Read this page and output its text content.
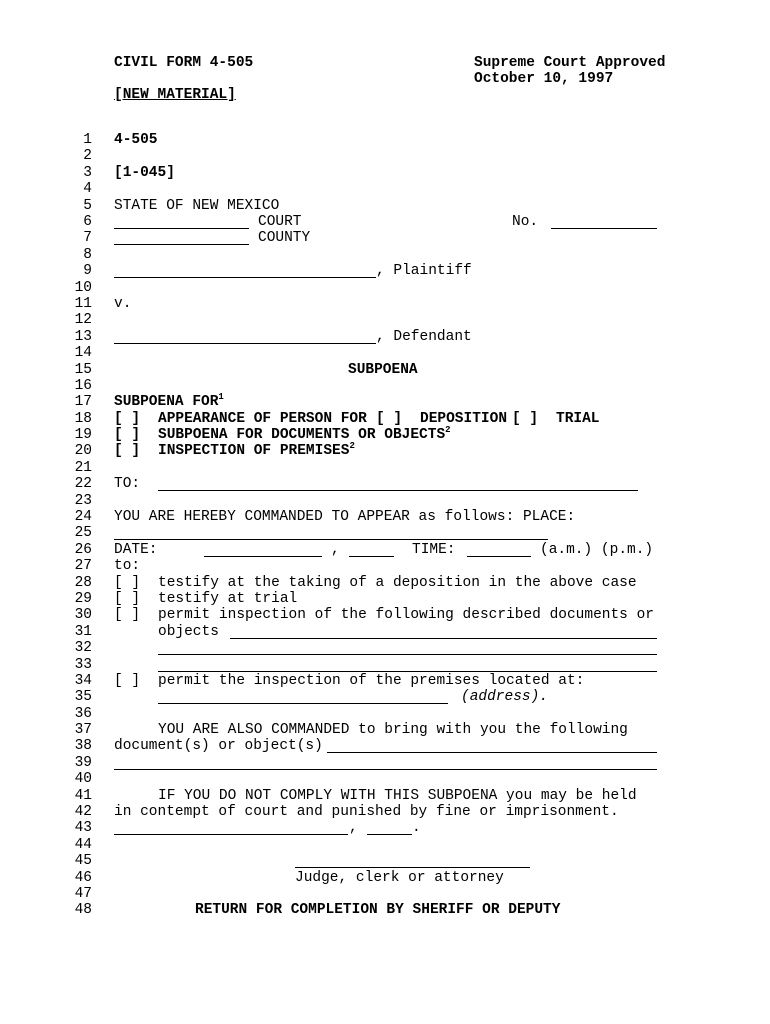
CIVIL FORM 4-505
[NEW MATERIAL]
Supreme Court Approved
October 10, 1997
1 4-505
2
3 [1-045]
4
5 STATE OF NEW MEXICO
6	COURT	No.
7	COUNTY
8
9	, Plaintiff
10
11 v.
12
13	, Defendant
14
15	SUBPOENA
16
17 SUBPOENA FOR$^1$
18 [ ] APPEARANCE OF PERSON FOR [ ] DEPOSITION [ ] TRIAL
19 [ ] SUBPOENA FOR DOCUMENTS OR OBJECTS$^2$
20 [ ] INSPECTION OF PREMISES$^2$
21
22 TO:
23
24 YOU ARE HEREBY COMMANDED TO APPEAR as follows: PLACE:
25
26 DATE:	,	TIME:	(a.m.) (p.m.)
27 to:
28 [ ] testify at the taking of a deposition in the above case
29 [ ] testify at trial
30 [ ] permit inspection of the following described documents or
31	objects
32
33
34 [ ] permit the inspection of the premises located at:
35	(address).
36
37	YOU ARE ALSO COMMANDED to bring with you the following
38 document(s) or object(s)
39
40
41	IF YOU DO NOT COMPLY WITH THIS SUBPOENA you may be held
42 in contempt of court and punished by fine or imprisonment.
43	,	.
44
45
46	Judge, clerk or attorney
47
48	RETURN FOR COMPLETION BY SHERIFF OR DEPUTY
